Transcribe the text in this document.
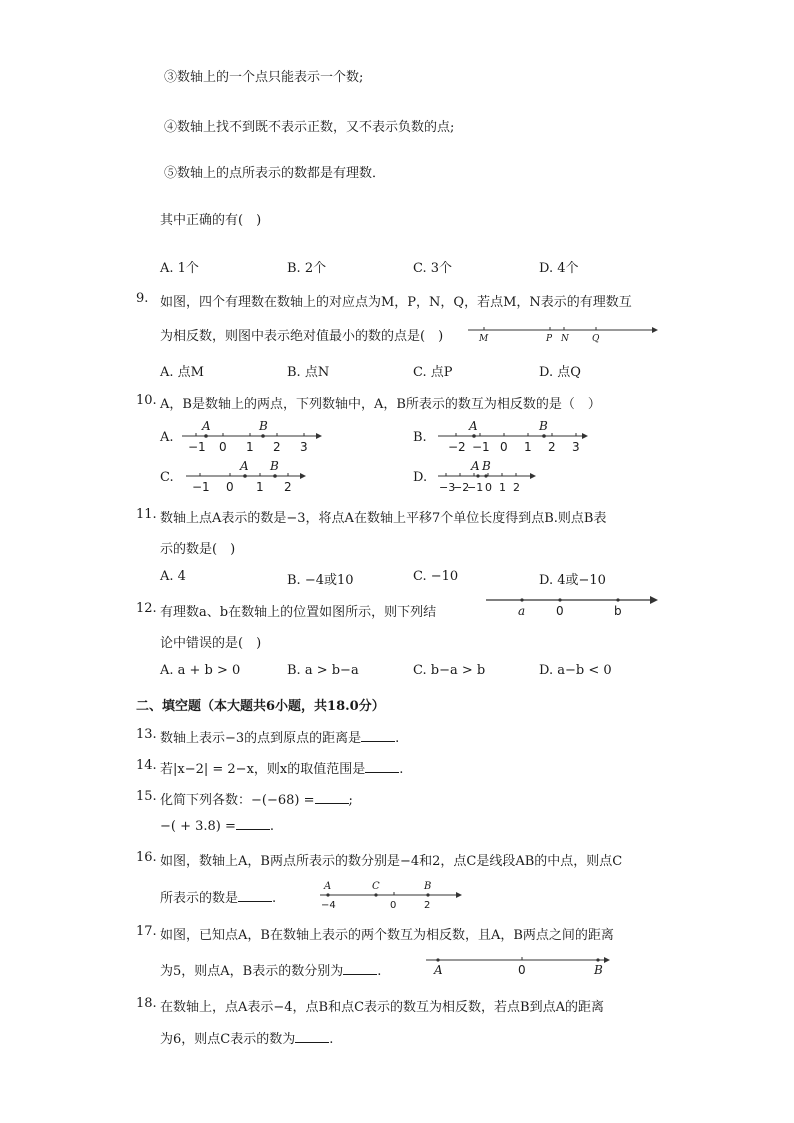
③数轴上的一个点只能表示一个数;
④数轴上找不到既不表示正数，又不表示负数的点;
⑤数轴上的点所表示的数都是有理数．
其中正确的有(　)
A. 1个	B. 2个	C. 3个	D. 4个
9. 如图，四个有理数在数轴上的对应点为M，P，N，Q，若点M，N表示的有理数互
为相反数，则图中表示绝对值最小的数的点是(　)	M	P N	Q
A. 点M	B. 点N	C. 点P	D. 点Q
10. A，B是数轴上的两点，下列数轴中，A，B所表示的数互为相反数的是（　）
A.
A	B
−1 0 1 2 3
B.
A	B
−2 −1 0 1 2 3
C.
A B
−1 0 1 2
D.
A B
−3
−2
−1 0 1 2
11. 数轴上点A表示的数是−3，将点A在数轴上平移7个单位长度得到点B.则点B表
示的数是(　)
A. 4	B. −4或10	C. −10	D. 4或−10
12. 有理数a、b在数轴上的位置如图所示，则下列结
论中错误的是(　)
a	0	b
A. a + b > 0	B. a > b−a	C. b−a > b	D. a−b < 0
二、填空题（本大题共6小题，共18.0分）
13. 数轴上表示−3的点到原点的距离是	.
14. 若|x−2| = 2−x，则x的取值范围是	.
15. 化简下列各数：−(−68) =	;
−( + 3.8) =	.
16. 如图，数轴上A，B两点所表示的数分别是−4和2，点C是线段AB的中点，则点C
所表示的数是	.
A	C	B
−4	0	2
17. 如图，已知点A，B在数轴上表示的两个数互为相反数，且A，B两点之间的距离
为5，则点A，B表示的数分别为	.	A	0	B
18. 在数轴上，点A表示−4，点B和点C表示的数互为相反数，若点B到点A的距离
为6，则点C表示的数为	.
